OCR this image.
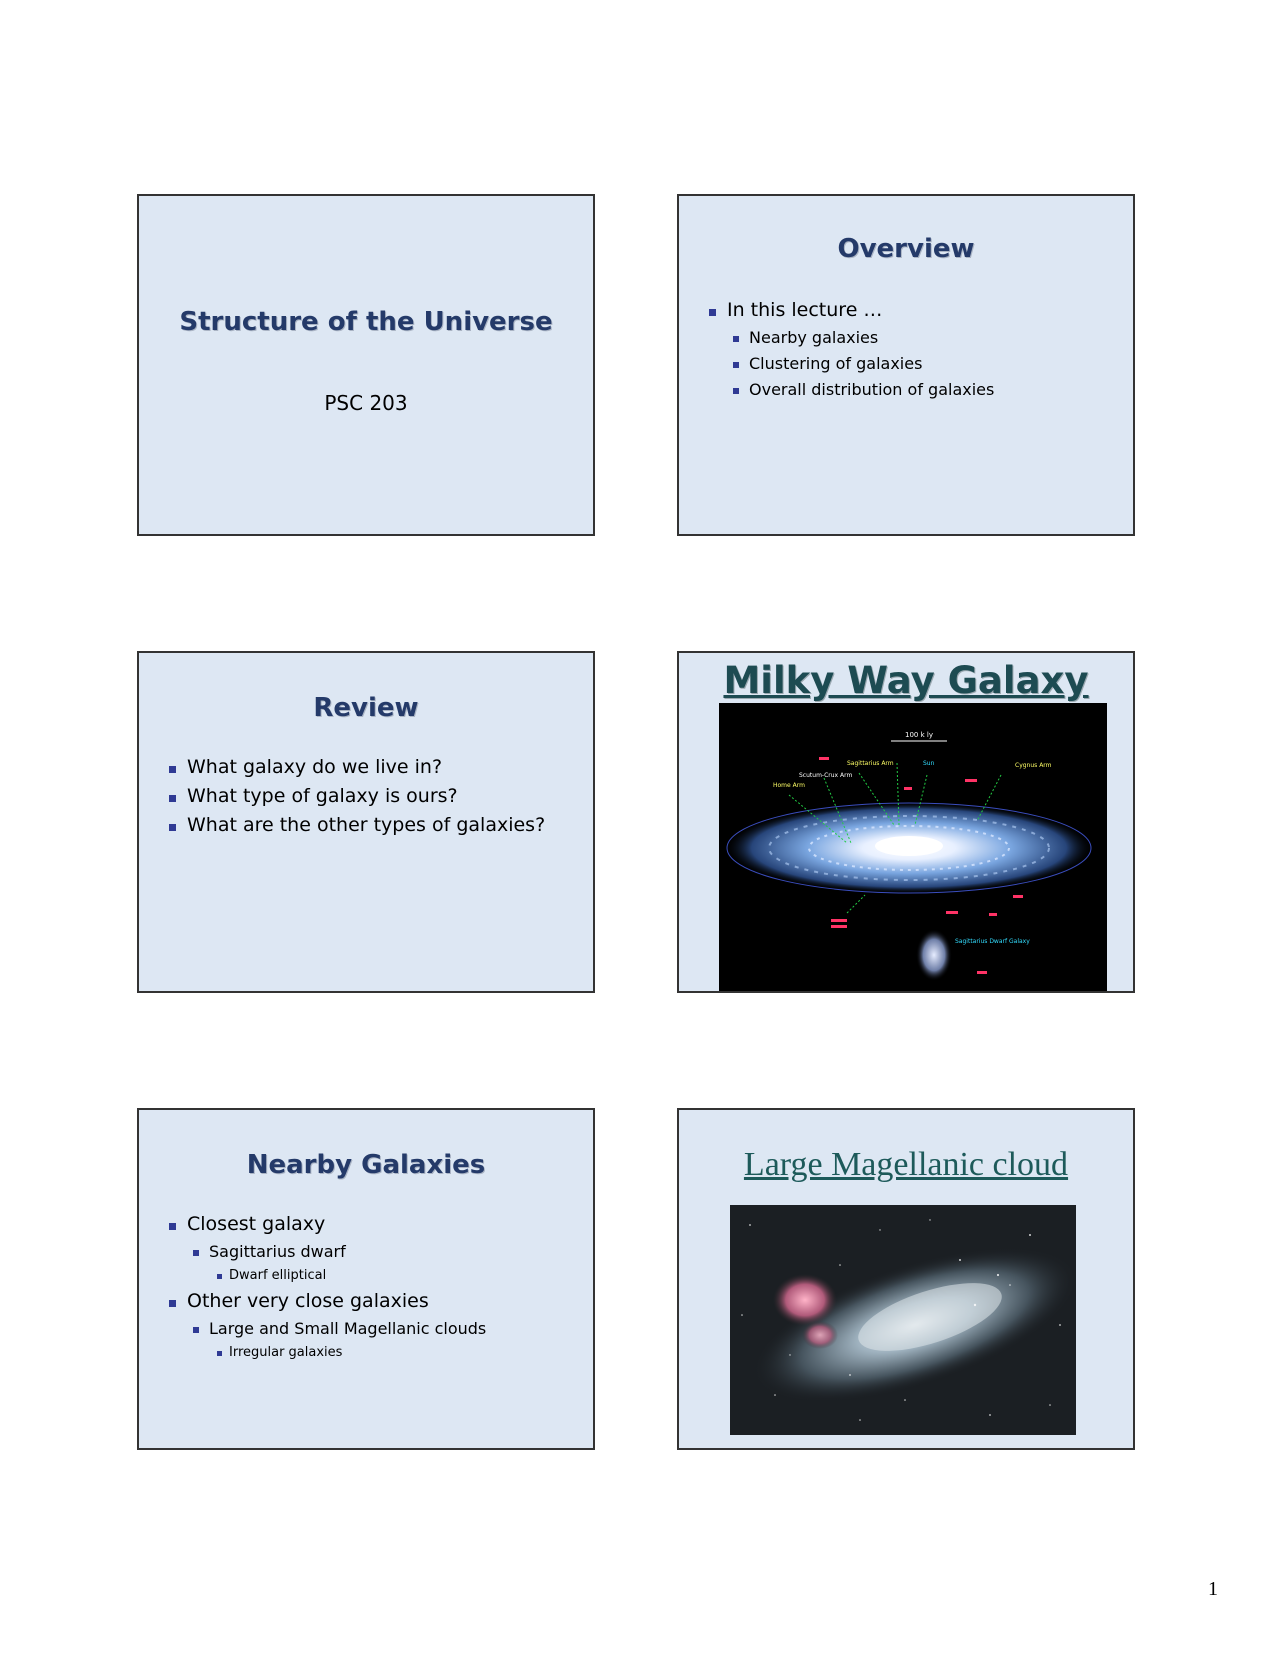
Structure of the Universe
PSC 203
Overview
In this lecture …
Nearby galaxies
Clustering of galaxies
Overall distribution of galaxies
Review
What galaxy do we live in?
What type of galaxy is ours?
What are the other types of galaxies?
Milky Way Galaxy
100 k ly
Sagittarius Arm	Sun	Cygnus Arm
Home Arm
Scutum-Crux Arm
Sagittarius Dwarf Galaxy
Nearby Galaxies
Closest galaxy
Sagittarius dwarf
Dwarf elliptical
Other very close galaxies
Large and Small Magellanic clouds
Irregular galaxies
Large Magellanic cloud
1
